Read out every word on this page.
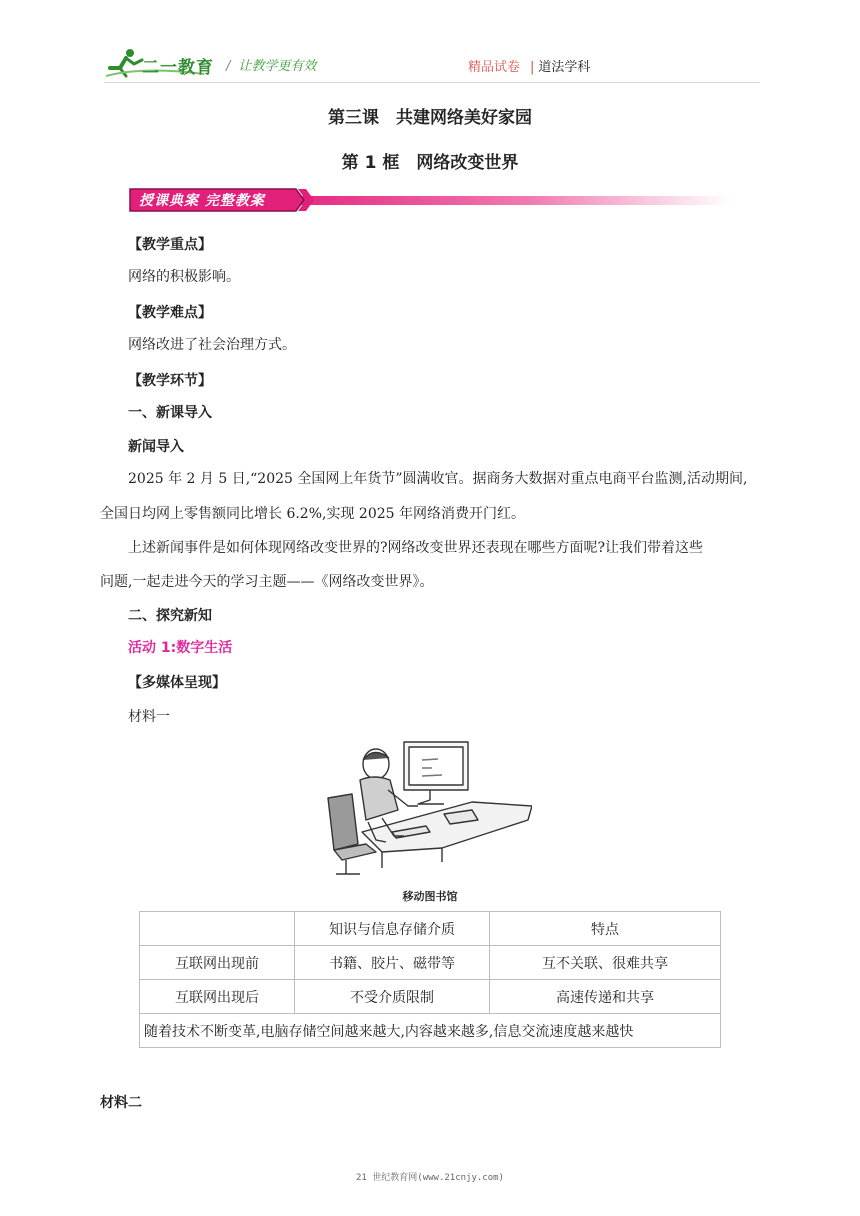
二一教育 / 让教学更有效	精品试卷 | 道法学科
第三课　共建网络美好家园
第 1 框　网络改变世界
授课典案 完整教案
【教学重点】
网络的积极影响。
【教学难点】
网络改进了社会治理方式。
【教学环节】
一、新课导入
新闻导入
2025 年 2 月 5 日,“2025 全国网上年货节”圆满收官。据商务大数据对重点电商平台监测,活动期间,
全国日均网上零售额同比增长 6.2%,实现 2025 年网络消费开门红。
上述新闻事件是如何体现网络改变世界的?网络改变世界还表现在哪些方面呢?让我们带着这些
问题,一起走进今天的学习主题——《网络改变世界》。
二、探究新知
活动 1:数字生活
【多媒体呈现】
材料一
移动图书馆
	知识与信息存储介质	特点
互联网出现前	书籍、胶片、磁带等	互不关联、很难共享
互联网出现后	不受介质限制	高速传递和共享
随着技术不断变革,电脑存储空间越来越大,内容越来越多,信息交流速度越来越快		
材料二
21 世纪教育网(www.21cnjy.com)
